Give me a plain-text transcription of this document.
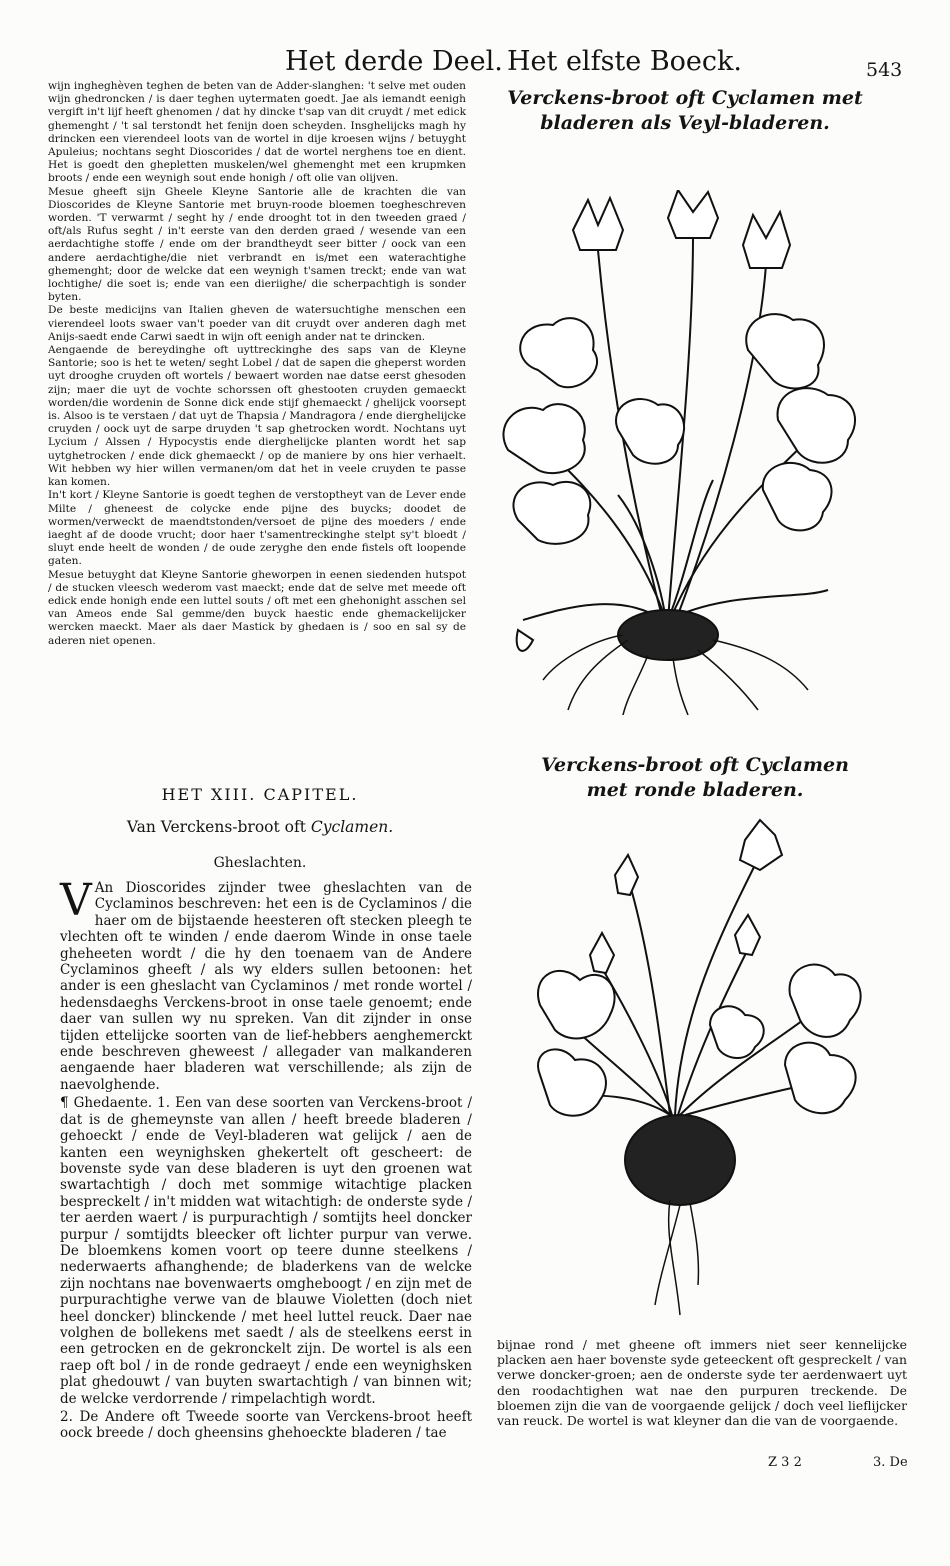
Het derde Deel. Het elfste Boeck.	543

wijn ingheghèven teghen de beten van de Adder-slanghen: 't selve met ouden wijn ghedroncken / is daer teghen uytermaten goedt. Jae als iemandt eenigh vergift in't lijf heeft ghenomen / dat hy dincke t'sap van dit cruydt / met edick ghemenght / 't sal terstondt het fenijn doen scheyden. Insghelijcks magh hy drincken een vierendeel loots van de wortel in dije kroesen wijns / betuyght Apuleius; nochtans seght Dioscorides / dat de wortel nerghens toe en dient. Het is goedt den ghepletten muskelen/wel ghemenght met een krupmken broots / ende een weynigh sout ende honigh / oft olie van olijven.

Mesue gheeft sijn Gheele Kleyne Santorie alle de krachten die van Dioscorides de Kleyne Santorie met bruyn-roode bloemen toegheschreven worden. 'T verwarmt / seght hy / ende drooght tot in den tweeden graed / oft/als Rufus seght / in't eerste van den derden graed / wesende van een aerdachtighe stoffe / ende om der brandtheydt seer bitter / oock van een andere aerdachtighe/die niet verbrandt en is/met een waterachtighe ghemenght; door de welcke dat een weynigh t'samen treckt; ende van wat lochtighe/ die soet is; ende van een dieriighe/ die scherpachtigh is sonder byten.

De beste medicijns van Italien gheven de watersuchtighe menschen een vierendeel loots swaer van't poeder van dit cruydt over anderen dagh met Anijs-saedt ende Carwi saedt in wijn oft eenigh ander nat te drincken.

Aengaende de bereydinghe oft uyttreckinghe des saps van de Kleyne Santorie; soo is het te weten/ seght Lobel / dat de sapen die gheperst worden uyt drooghe cruyden oft wortels / bewaert worden nae datse eerst ghesoden zijn; maer die uyt de vochte schorssen oft ghestooten cruyden gemaeckt worden/die wordenin de Sonne dick ende stijf ghemaeckt / ghelijck voorsept is. Alsoo is te verstaen / dat uyt de Thapsia / Mandragora / ende dierghelijcke cruyden / oock uyt de sarpe druyden 't sap ghetrocken wordt. Nochtans uyt Lycium / Alssen / Hypocystis ende dierghelijcke planten wordt het sap uytghetrocken / ende dick ghemaeckt / op de maniere by ons hier verhaelt. Wit hebben wy hier willen vermanen/om dat het in veele cruyden te passe kan komen.

In't kort / Kleyne Santorie is goedt teghen de verstoptheyt van de Lever ende Milte / gheneest de colycke ende pijne des buycks; doodet de wormen/verweckt de maendtstonden/versoet de pijne des moeders / ende iaeght af de doode vrucht; door haer t'samentreckinghe stelpt sy't bloedt / sluyt ende heelt de wonden / de oude zeryghe den ende fistels oft loopende gaten.

Mesue betuyght dat Kleyne Santorie gheworpen in eenen siedenden hutspot / de stucken vleesch wederom vast maeckt; ende dat de selve met meede oft edick ende honigh ende een luttel souts / oft met een ghehonight asschen sel van Ameos ende Sal gemme/den buyck haestic ende ghemackelijcker wercken maeckt. Maer als daer Mastick by ghedaen is / soo en sal sy de aderen niet openen.

HET XIII. CAPITEL.
Van Verckens-broot oft Cyclamen.
Gheslachten.

V An Dioscorides zijnder twee gheslachten van de Cyclaminos beschreven: het een is de Cyclaminos / die haer om de bijstaende heesteren oft stecken pleegh te vlechten oft te winden / ende daerom Winde in onse taele gheheeten wordt / die hy den toenaem van de Andere Cyclaminos gheeft / als wy elders sullen betoonen: het ander is een gheslacht van Cyclaminos / met ronde wortel / hedensdaeghs Verckens-broot in onse taele genoemt; ende daer van sullen wy nu spreken. Van dit zijnder in onse tijden ettelijcke soorten van de lief-hebbers aenghemerckt ende beschreven gheweest / allegader van malkanderen aengaende haer bladeren wat verschillende; als zijn de naevolghende.

¶ Ghedaente. 1. Een van dese soorten van Verckens-broot / dat is de ghemeynste van allen / heeft breede bladeren / gehoeckt / ende de Veyl-bladeren wat gelijck / aen de kanten een weynighsken ghekertelt oft gescheert: de bovenste syde van dese bladeren is uyt den groenen wat swartachtigh / doch met sommige witachtige placken bespreckelt / in't midden wat witachtigh: de onderste syde / ter aerden waert / is purpurachtigh / somtijts heel doncker purpur / somtijdts bleecker oft lichter purpur van verwe. De bloemkens komen voort op teere dunne steelkens / nederwaerts afhanghende; de bladerkens van de welcke zijn nochtans nae bovenwaerts omgheboogt / en zijn met de purpurachtighe verwe van de blauwe Violetten (doch niet heel doncker) blinckende / met heel luttel reuck. Daer nae volghen de bollekens met saedt / als de steelkens eerst in een getrocken en de gekronckelt zijn. De wortel is als een raep oft bol / in de ronde gedraeyt / ende een weynighsken plat ghedouwt / van buyten swartachtigh / van binnen wit; de welcke verdorrende / rimpelachtigh wordt.

2. De Andere oft Tweede soorte van Verckens-broot heeft oock breede / doch gheensins ghehoeckte bladeren / tae

Verckens-broot oft Cyclamen met bladeren als Veyl-bladeren.
Verckens-broot oft Cyclamen met ronde bladeren.

bijnae rond / met gheene oft immers niet seer kennelijcke placken aen haer bovenste syde geteeckent oft gespreckelt / van verwe doncker-groen; aen de onderste syde ter aerdenwaert uyt den roodachtighen wat nae den purpuren treckende. De bloemen zijn die van de voorgaende gelijck / doch veel lieflijcker van reuck. De wortel is wat kleyner dan die van de voorgaende.

Z 3 2	3. De
